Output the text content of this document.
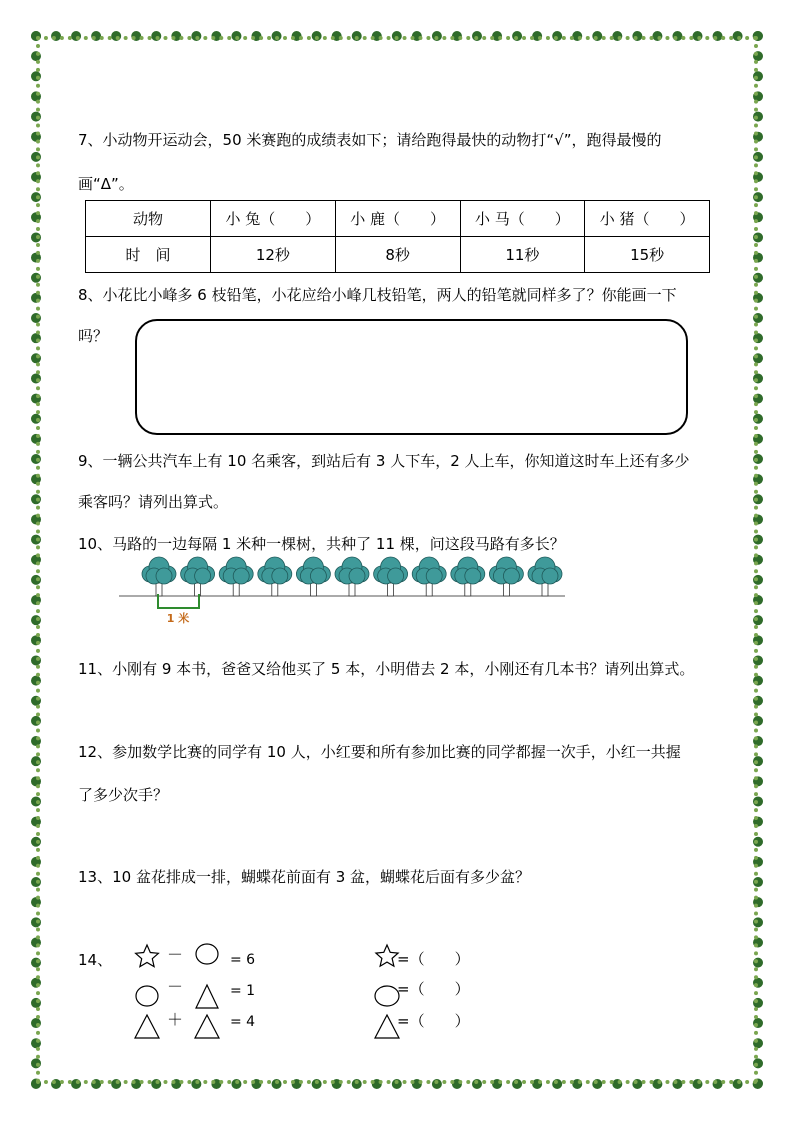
7、小动物开运动会，50 米赛跑的成绩表如下；请给跑得最快的动物打“√”，跑得最慢的
画“Δ”。
动物	小 兔（　　）	小 鹿（　　）	小 马（　　）	小 猪（　　）
时　间	12秒	8秒	11秒	15秒
8、小花比小峰多 6 枝铅笔，小花应给小峰几枝铅笔，两人的铅笔就同样多了？你能画一下
吗？
9、一辆公共汽车上有 10 名乘客，到站后有 3 人下车，2 人上车，你知道这时车上还有多少
乘客吗？请列出算式。
10、马路的一边每隔 1 米种一棵树，共种了 11 棵，问这段马路有多长？
1 米
11、小刚有 9 本书，爸爸又给他买了 5 本，小明借去 2 本，小刚还有几本书？请列出算式。
12、参加数学比赛的同学有 10 人，小红要和所有参加比赛的同学都握一次手，小红一共握
了多少次手？
13、10 盆花排成一排，蝴蝶花前面有 3 盆，蝴蝶花后面有多少盆？
14、	－
－
＋
= 6
= 1
= 4
=（　　）
=（　　）
=（　　）
